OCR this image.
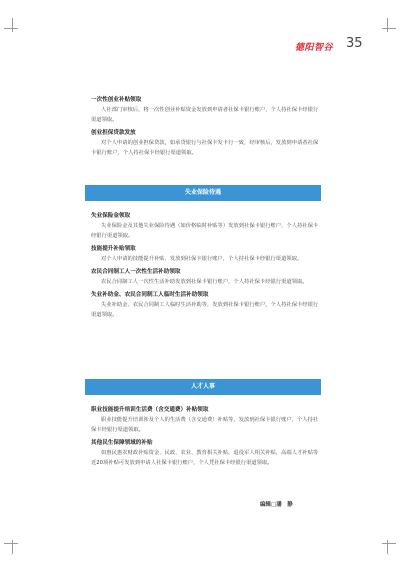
德阳智谷 35

一次性创业补贴领取

人社部门审核后，将一次性创业补贴资金发放到申请者社保卡银行账户，个人持社保卡经银行渠道领取。

创业担保贷款发放

对个人申请的创业担保贷款，如承贷银行与社保卡发卡行一致，经审核后，发放到申请者社保卡银行账户，个人持社保卡经银行渠道领取。

失业保险待遇

失业保险金领取

失业保险金及其他失业保险待遇（如价格临时补贴等）发放到社保卡银行账户，个人持社保卡经银行渠道领取。

技能提升补贴领取

对个人申请的技能提升补贴，发放到社保卡银行账户，个人持社保卡经银行渠道领取。

农民合同制工人一次性生活补助领取

农民合同制工人一次性生活补助发放到社保卡银行账户，个人持社保卡经银行渠道领取。

失业补助金、农民合同制工人临时生活补助领取

失业补助金、农民合同制工人临时生活补助等，发放到社保卡银行账户，个人持社保卡经银行渠道领取。

人才人事

职业技能提升培训生活费（含交通费）补贴领取

职业技能提升培训涉及个人的生活费（含交通费）补贴等，发放到社保卡银行账户，个人持社保卡经银行渠道领取。

其他民生保障领域的补贴

如惠民惠农财政补贴资金、民政、农业、教育相关补贴，退役军人相关补贴，高端人才补贴等近20项补贴可发放到申请人社保卡银行账户，个人凭社保卡经银行渠道领取。

编辑□潘　静
